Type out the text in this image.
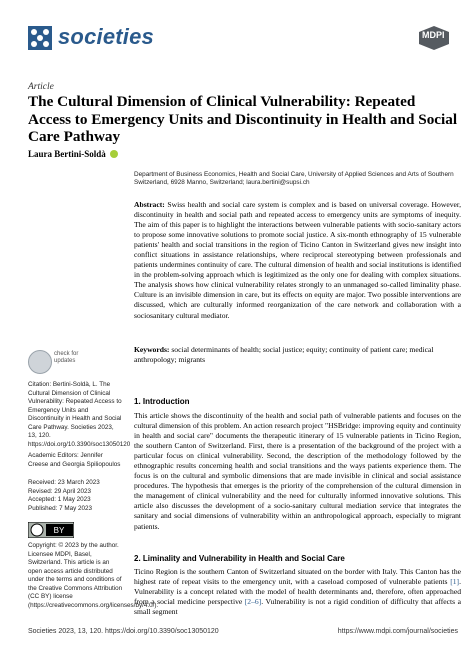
societies	MDPI
Article
The Cultural Dimension of Clinical Vulnerability: Repeated Access to Emergency Units and Discontinuity in Health and Social Care Pathway
Laura Bertini-Soldà
Department of Business Economics, Health and Social Care, University of Applied Sciences and Arts of Southern Switzerland, 6928 Manno, Switzerland; laura.bertini@supsi.ch

Abstract: Swiss health and social care system is complex and is based on universal coverage. However, discontinuity in health and social path and repeated access to emergency units are symptoms of inequity. The aim of this paper is to highlight the interactions between vulnerable patients with socio-sanitary actors to propose some innovative solutions to promote social justice. A six-month ethnography of 15 vulnerable patients' health and social transitions in the region of Ticino Canton in Switzerland gives new insight into conflict situations in assistance relationships, where reciprocal stereotyping between professionals and patients undermines continuity of care. The cultural dimension of health and social institutions is identified in the problem-solving approach which is legitimized as the only one for dealing with complex situations. The analysis shows how clinical vulnerability relates strongly to an unmanaged so-called liminality phase. Culture is an invisible dimension in care, but its effects on equity are major. Two possible interventions are discussed, which are culturally informed reorganization of the care network and collaboration with a sociosanitary cultural mediator.

Keywords: social determinants of health; social justice; equity; continuity of patient care; medical anthropology; migrants

1. Introduction

This article shows the discontinuity of the health and social path of vulnerable patients and focuses on the cultural dimension of this problem. An action research project "HSBridge: improving equity and continuity in health and social care" documents the therapeutic itinerary of 15 vulnerable patients in Ticino Region, the southern Canton of Switzerland. First, there is a presentation of the background of the project with a particular focus on clinical vulnerability. Second, the description of the methodology followed by the ethnographic results concerning health and social transitions and the ways patients experience them. The focus is on the cultural and symbolic dimensions that are made invisible in clinical and social assistance procedures. The hypothesis that emerges is the priority of the comprehension of the cultural dimension in the management of clinical vulnerability and the need for culturally informed innovative solutions. This article also discusses the development of a socio-sanitary cultural mediation service that integrates the sanitary and social dimensions of vulnerability within an anthropological approach, especially to migrant patients.

2. Liminality and Vulnerability in Health and Social Care

Ticino Region is the southern Canton of Switzerland situated on the border with Italy. This Canton has the highest rate of repeat visits to the emergency unit, with a caseload composed of vulnerable patients [1]. Vulnerability is a concept related with the model of health determinants and, therefore, often approached from a social medicine perspective [2–6]. Vulnerability is not a rigid condition of difficulty that affects a small segment

check for updates

Citation: Bertini-Soldà, L. The Cultural Dimension of Clinical Vulnerability: Repeated Access to Emergency Units and Discontinuity in Health and Social Care Pathway. Societies 2023, 13, 120. https://doi.org/10.3390/soc13050120

Academic Editors: Jennifer Creese and Georgia Spiliopoulos

Received: 23 March 2023
Revised: 29 April 2023
Accepted: 1 May 2023
Published: 7 May 2023
BY

Copyright: © 2023 by the author. Licensee MDPI, Basel, Switzerland. This article is an open access article distributed under the terms and conditions of the Creative Commons Attribution (CC BY) license (https://creativecommons.org/licenses/by/4.0/).

Societies 2023, 13, 120. https://doi.org/10.3390/soc13050120	https://www.mdpi.com/journal/societies
